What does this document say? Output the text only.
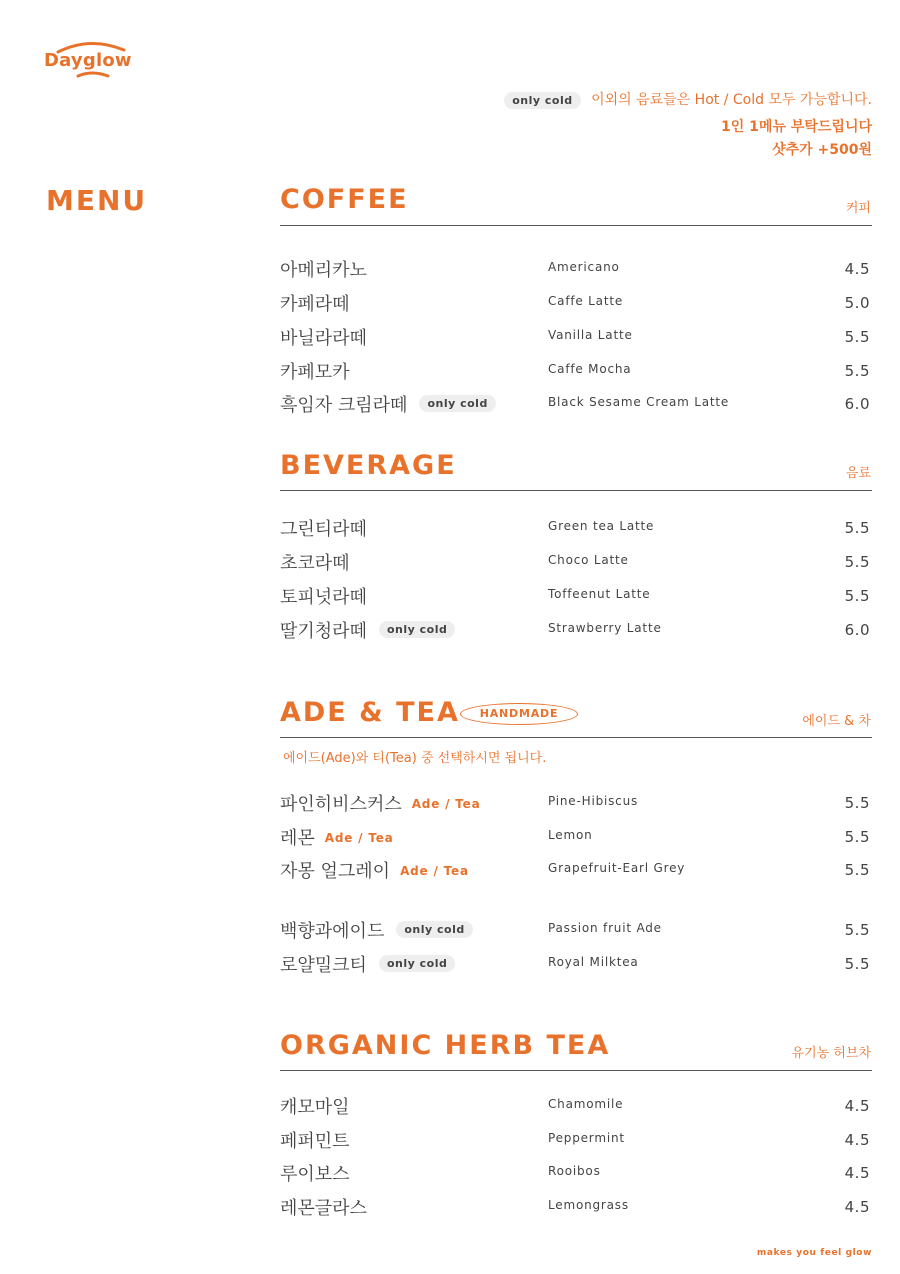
Dayglow
only cold 이외의 음료들은 Hot / Cold 모두 가능합니다.
1인 1메뉴 부탁드립니다
샷추가 +500원
MENU	COFFEE	커피
아메리카노	Americano	4.5
카페라떼	Caffe Latte	5.0
바닐라라떼	Vanilla Latte	5.5
카페모카	Caffe Mocha	5.5
흑임자 크림라떼 only cold	Black Sesame Cream Latte	6.0
BEVERAGE	음료
그린티라떼	Green tea Latte	5.5
초코라떼	Choco Latte	5.5
토피넛라떼	Toffeenut Latte	5.5
딸기청라떼 only cold	Strawberry Latte	6.0
ADE & TEA	HANDMADE
에이드 & 차
에이드(Ade)와 티(Tea) 중 선택하시면 됩니다.
파인히비스커스 Ade / Tea	Pine-Hibiscus	5.5
레몬 Ade / Tea	Lemon	5.5
자몽 얼그레이 Ade / Tea	Grapefruit-Earl Grey	5.5
백향과에이드 only cold	Passion fruit Ade	5.5
로얄밀크티 only cold	Royal Milktea	5.5
ORGANIC HERB TEA	유기농 허브차
캐모마일	Chamomile	4.5
페퍼민트	Peppermint	4.5
루이보스	Rooibos	4.5
레몬글라스	Lemongrass	4.5
makes you feel glow
